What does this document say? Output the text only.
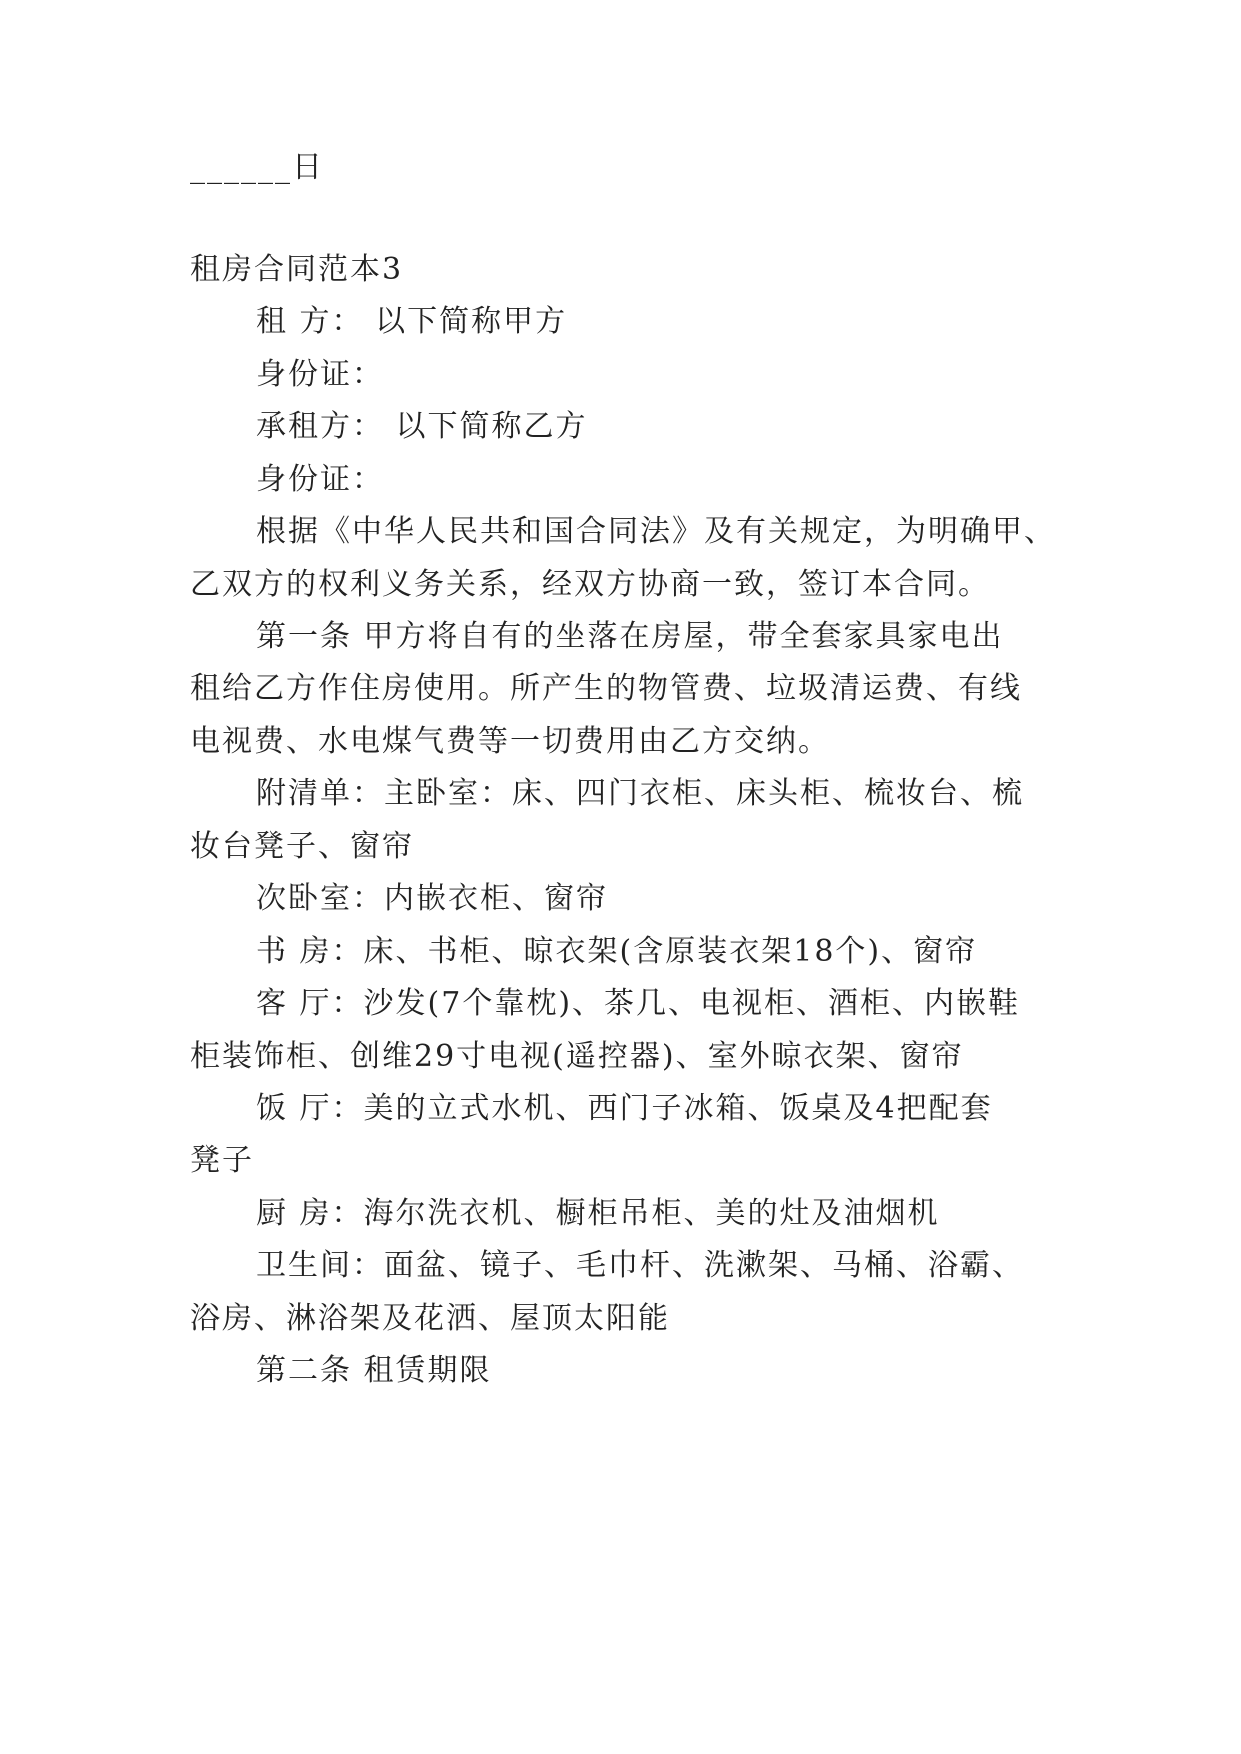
______日
租房合同范本3
租 方： 以下简称甲方
身份证：
承租方： 以下简称乙方
身份证：
根据《中华人民共和国合同法》及有关规定，为明确甲、
乙双方的权利义务关系，经双方协商一致，签订本合同。
第一条 甲方将自有的坐落在房屋，带全套家具家电出
租给乙方作住房使用。所产生的物管费、垃圾清运费、有线
电视费、水电煤气费等一切费用由乙方交纳。
附清单：主卧室：床、四门衣柜、床头柜、梳妆台、梳
妆台凳子、窗帘
次卧室：内嵌衣柜、窗帘
书 房：床、书柜、晾衣架(含原装衣架18个)、窗帘
客 厅：沙发(7个靠枕)、茶几、电视柜、酒柜、内嵌鞋
柜装饰柜、创维29寸电视(遥控器)、室外晾衣架、窗帘
饭 厅：美的立式水机、西门子冰箱、饭桌及4把配套
凳子
厨 房：海尔洗衣机、橱柜吊柜、美的灶及油烟机
卫生间：面盆、镜子、毛巾杆、洗漱架、马桶、浴霸、
浴房、淋浴架及花洒、屋顶太阳能
第二条 租赁期限
